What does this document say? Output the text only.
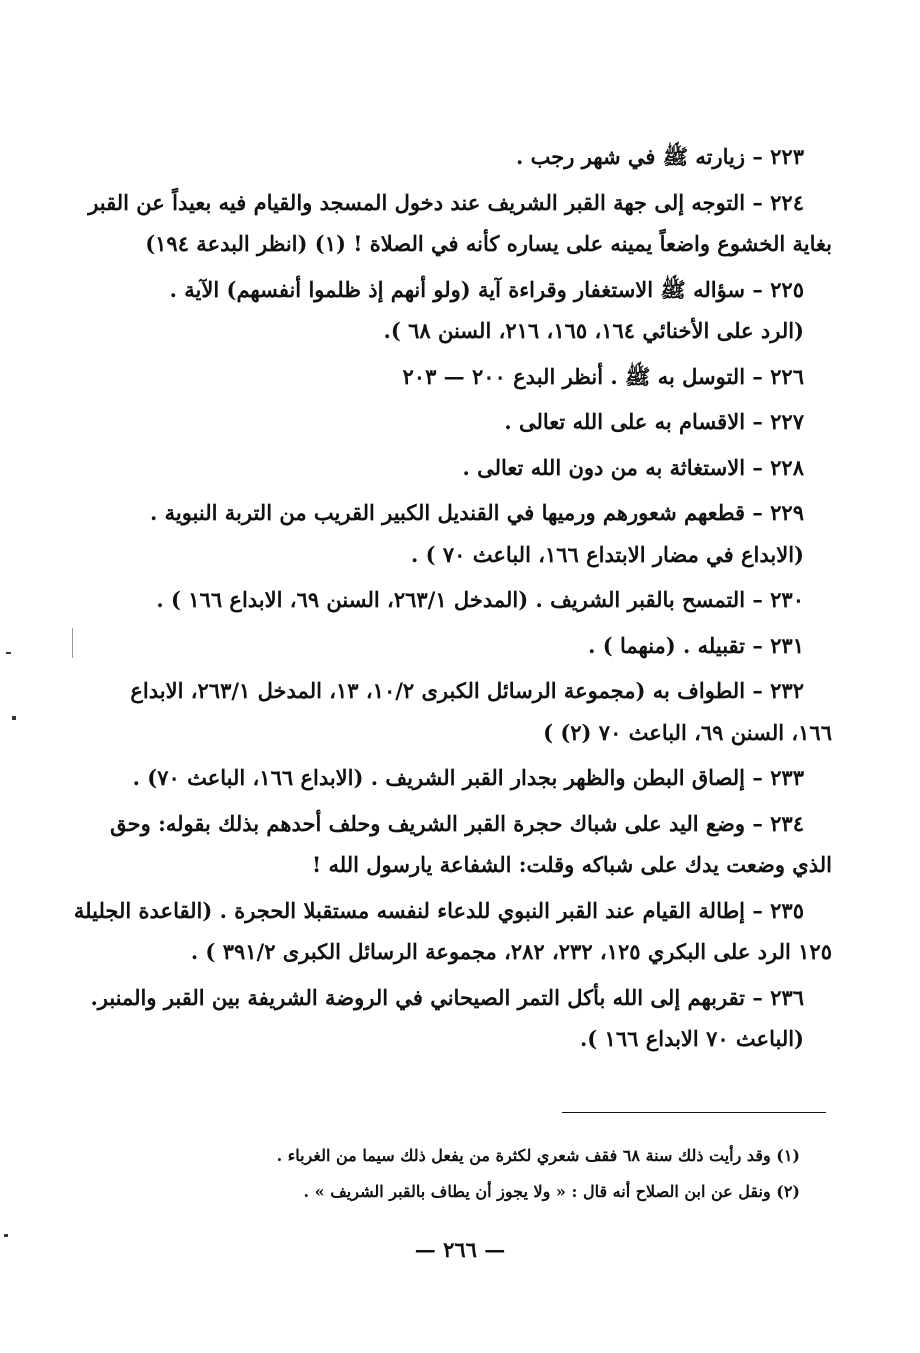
٢٢٣ – زيارته ﷺ في شهر رجب .
٢٢٤ – التوجه إلى جهة القبر الشريف عند دخول المسجد والقيام فيه بعيداً عن القبر
بغاية الخشوع واضعاً يمينه على يساره كأنه في الصلاة ! (١) (انظر البدعة ١٩٤)
٢٢٥ – سؤاله ﷺ الاستغفار وقراءة آية (ولو أنهم إذ ظلموا أنفسهم) الآية .
(الرد على الأخنائي ١٦٤، ١٦٥، ٢١٦، السنن ٦٨ ).
٢٢٦ – التوسل به ﷺ . أنظر البدع ٢٠٠ — ٢٠٣
٢٢٧ – الاقسام به على الله تعالى .
٢٢٨ – الاستغاثة به من دون الله تعالى .
٢٢٩ – قطعهم شعورهم ورميها في القنديل الكبير القريب من التربة النبوية .
(الابداع في مضار الابتداع ١٦٦، الباعث ٧٠ ) .
٢٣٠ – التمسح بالقبر الشريف . (المدخل ٢٦٣/١، السنن ٦٩، الابداع ١٦٦ ) .
٢٣١ – تقبيله . (منهما ) .
٢٣٢ – الطواف به (مجموعة الرسائل الكبرى ١٠/٢، ١٣، المدخل ٢٦٣/١، الابداع
١٦٦، السنن ٦٩، الباعث ٧٠ (٢) )
٢٣٣ – إلصاق البطن والظهر بجدار القبر الشريف . (الابداع ١٦٦، الباعث ٧٠) .
٢٣٤ – وضع اليد على شباك حجرة القبر الشريف وحلف أحدهم بذلك بقوله: وحق
الذي وضعت يدك على شباكه وقلت: الشفاعة يارسول الله !
٢٣٥ – إطالة القيام عند القبر النبوي للدعاء لنفسه مستقبلا الحجرة . (القاعدة الجليلة
١٢٥ الرد على البكري ١٢٥، ٢٣٢، ٢٨٢، مجموعة الرسائل الكبرى ٣٩١/٢ ) .
٢٣٦ – تقربهم إلى الله بأكل التمر الصيحاني في الروضة الشريفة بين القبر والمنبر.
(الباعث ٧٠ الابداع ١٦٦ ).
(١) وقد رأيت ذلك سنة ٦٨ فقف شعري لكثرة من يفعل ذلك سيما من الغرباء .
(٢) ونقل عن ابن الصلاح أنه قال : « ولا يجوز أن يطاف بالقبر الشريف » .
— ٢٦٦ —
